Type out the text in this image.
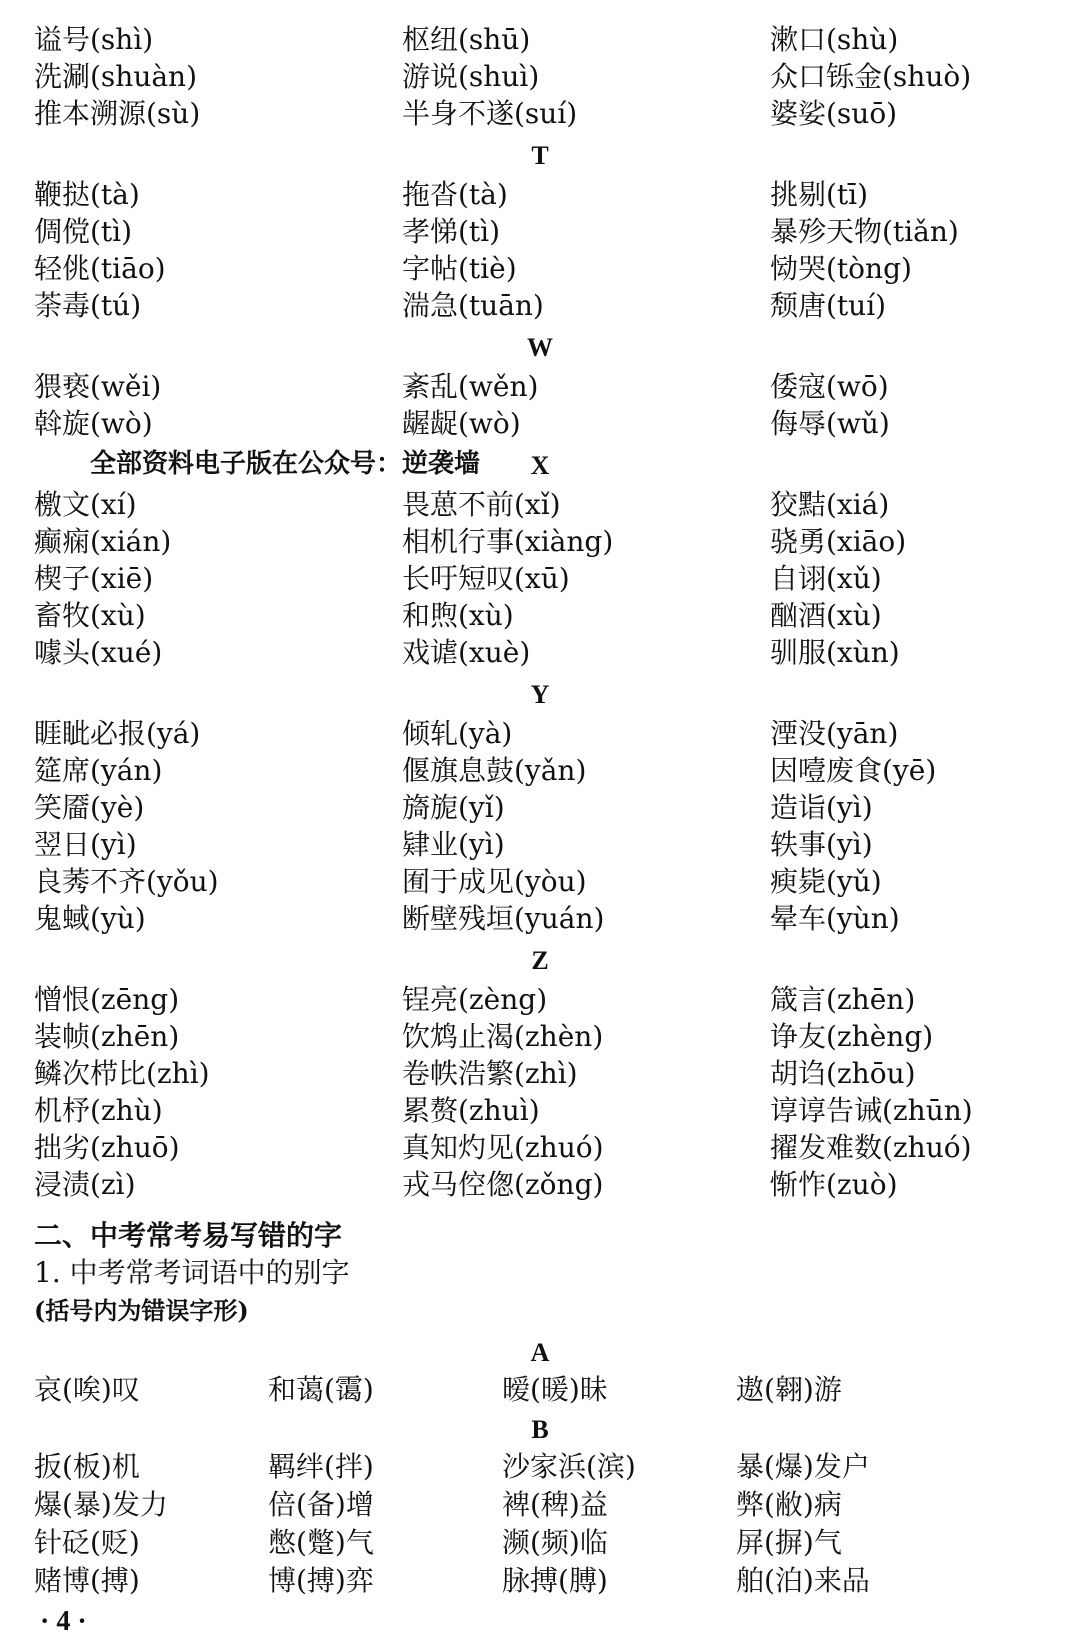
谥号(shì)	枢纽(shū)	漱口(shù)
洗涮(shuàn)	游说(shuì)	众口铄金(shuò)
推本溯源(sù)	半身不遂(suí)	婆娑(suō)
T
鞭挞(tà)	拖沓(tà)	挑剔(tī)
倜傥(tì)	孝悌(tì)	暴殄天物(tiǎn)
轻佻(tiāo)	字帖(tiè)	恸哭(tòng)
荼毒(tú)	湍急(tuān)	颓唐(tuí)
W
猥亵(wěi)	紊乱(wěn)	倭寇(wō)
斡旋(wò)	龌龊(wò)	侮辱(wǔ)
全部资料电子版在公众号：逆袭墙	X
檄文(xí)	畏葸不前(xǐ)	狡黠(xiá)
癫痫(xián)	相机行事(xiàng)	骁勇(xiāo)
楔子(xiē)	长吁短叹(xū)	自诩(xǔ)
畜牧(xù)	和煦(xù)	酗酒(xù)
噱头(xué)	戏谑(xuè)	驯服(xùn)
Y
睚眦必报(yá)	倾轧(yà)	湮没(yān)
筵席(yán)	偃旗息鼓(yǎn)	因噎废食(yē)
笑靥(yè)	旖旎(yǐ)	造诣(yì)
翌日(yì)	肄业(yì)	轶事(yì)
良莠不齐(yǒu)	囿于成见(yòu)	瘐毙(yǔ)
鬼蜮(yù)	断壁残垣(yuán)	晕车(yùn)
Z
憎恨(zēng)	锃亮(zèng)	箴言(zhēn)
装帧(zhēn)	饮鸩止渴(zhèn)	诤友(zhèng)
鳞次栉比(zhì)	卷帙浩繁(zhì)	胡诌(zhōu)
机杼(zhù)	累赘(zhuì)	谆谆告诫(zhūn)
拙劣(zhuō)	真知灼见(zhuó)	擢发难数(zhuó)
浸渍(zì)	戎马倥偬(zǒng)	惭怍(zuò)
二、中考常考易写错的字
1. 中考常考词语中的别字
(括号内为错误字形)
A
哀(唉)叹	和蔼(霭)	暧(暖)昧	遨(翱)游
B
扳(板)机	羁绊(拌)	沙家浜(滨)	暴(爆)发户
爆(暴)发力	倍(备)增	裨(稗)益	弊(敝)病
针砭(贬)	憋(蹩)气	濒(频)临	屏(摒)气
赌博(搏)	博(搏)弈	脉搏(膊)	舶(泊)来品
· 4 ·
